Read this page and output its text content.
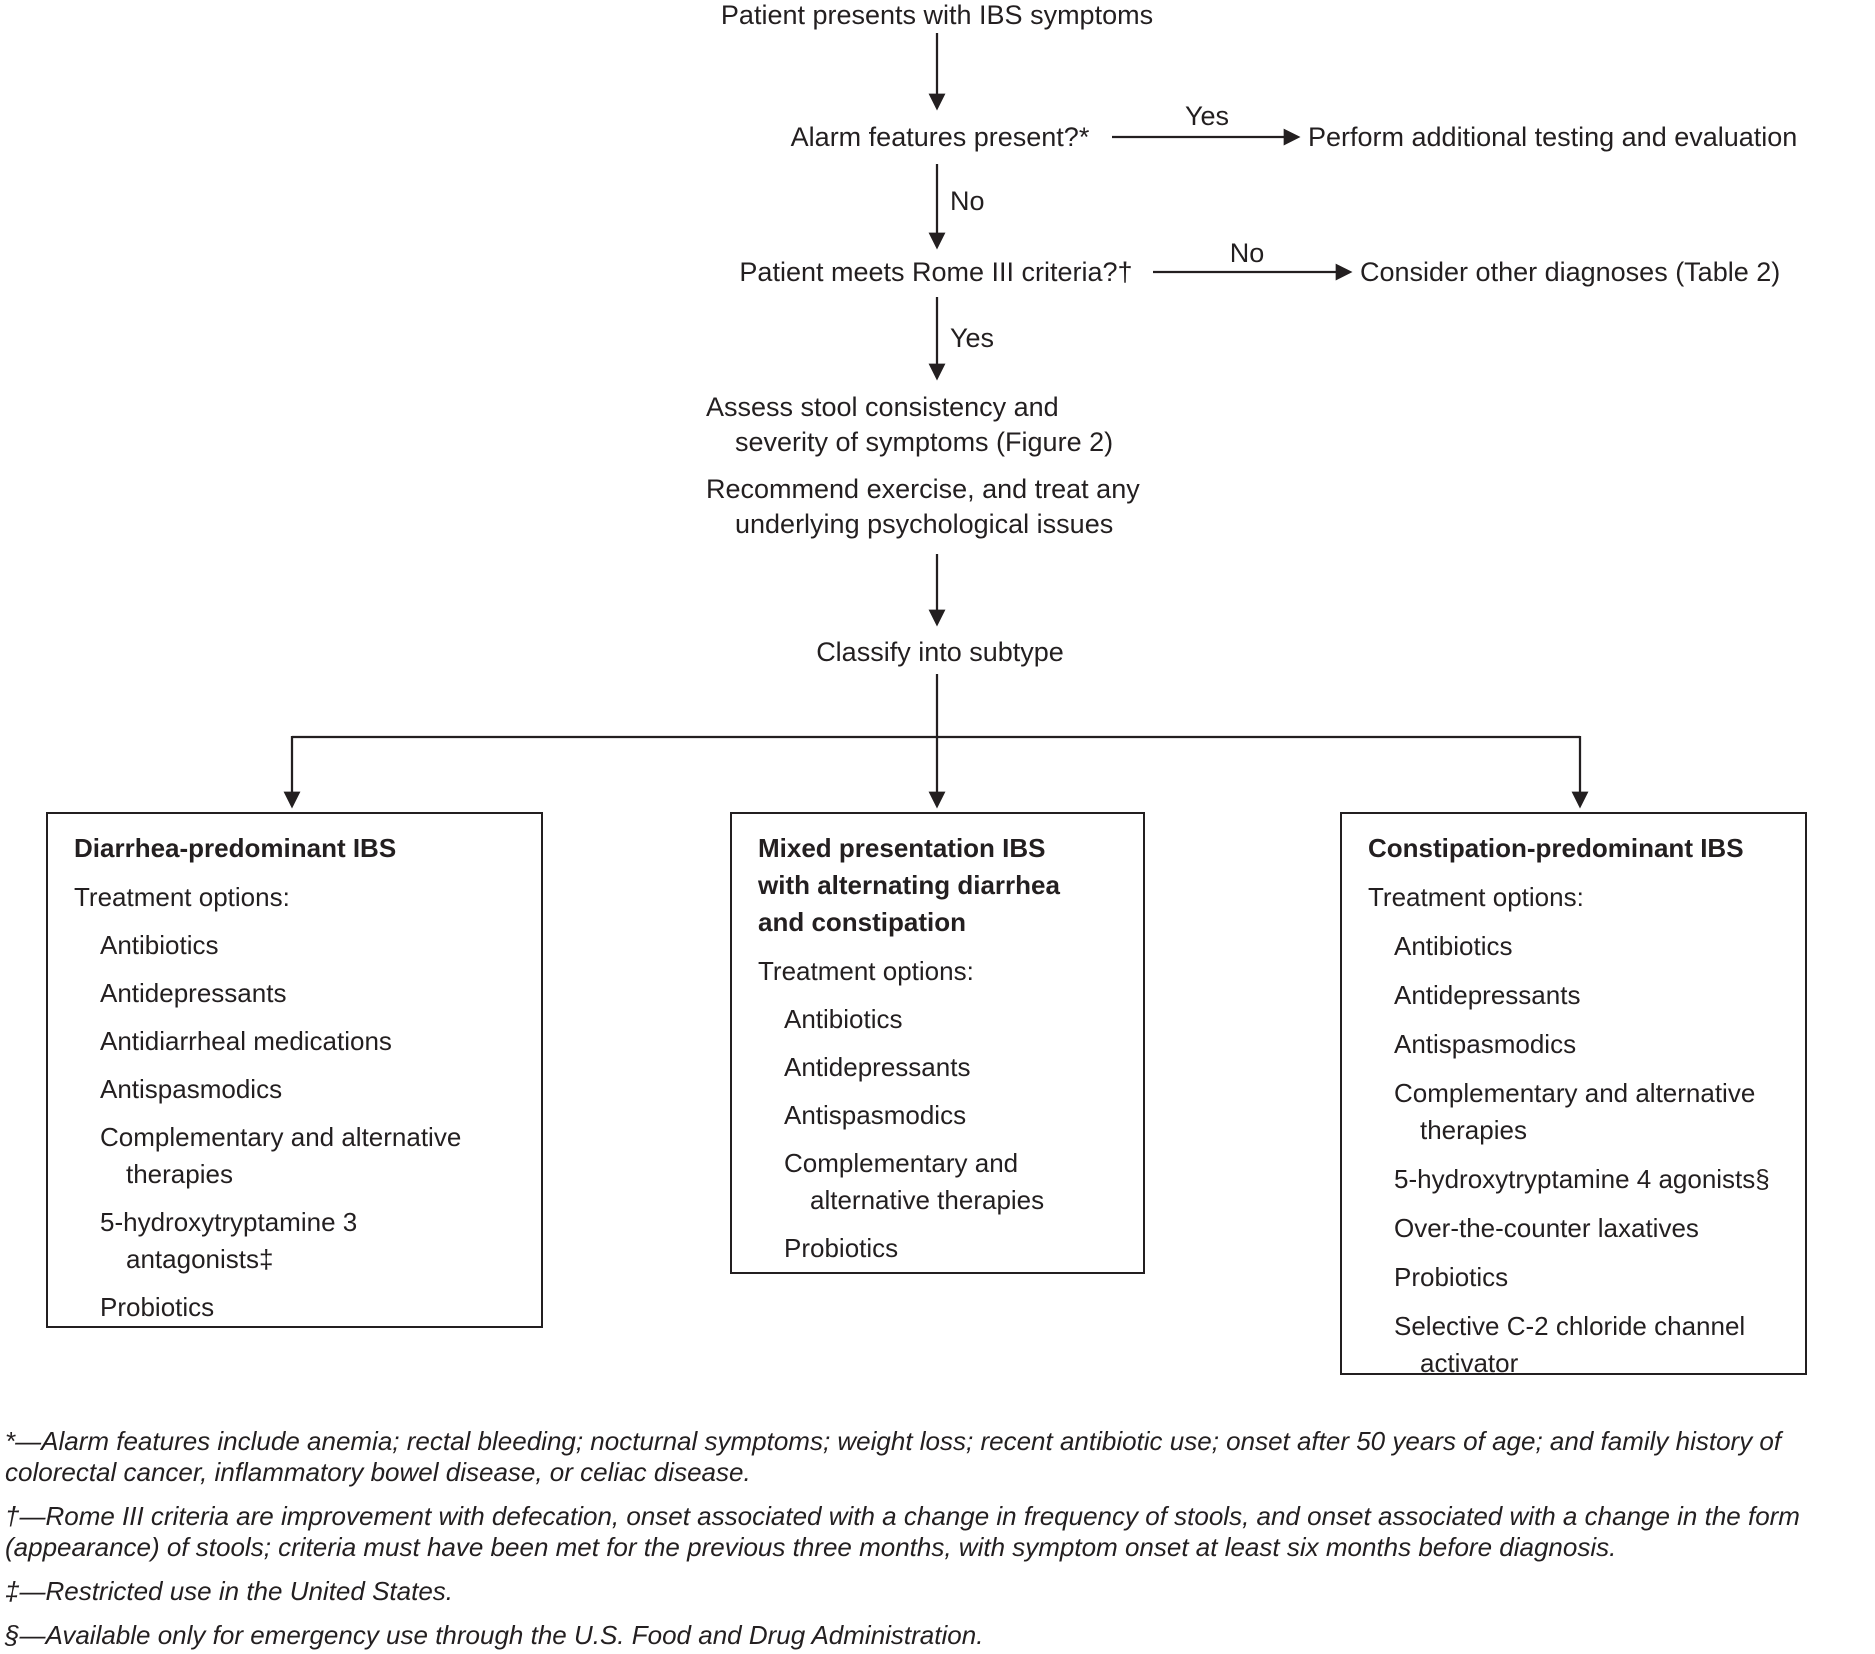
Patient presents with IBS symptoms
Alarm features present?*
Yes
Perform additional testing and evaluation
No
Patient meets Rome III criteria?†
No
Consider other diagnoses (Table 2)
Yes
Assess stool consistency and
severity of symptoms (Figure 2)
Recommend exercise, and treat any
underlying psychological issues
Classify into subtype
Diarrhea-predominant IBS
Treatment options:
Antibiotics
Antidepressants
Antidiarrheal medications
Antispasmodics
Complementary and alternative therapies
5-hydroxytryptamine 3 antagonists‡
Probiotics
Mixed presentation IBS with alternating diarrhea and constipation
Treatment options:
Antibiotics
Antidepressants
Antispasmodics
Complementary and alternative therapies
Probiotics
Constipation-predominant IBS
Treatment options:
Antibiotics
Antidepressants
Antispasmodics
Complementary and alternative therapies
5-hydroxytryptamine 4 agonists§
Over-the-counter laxatives
Probiotics
Selective C-2 chloride channel activator

*—Alarm features include anemia; rectal bleeding; nocturnal symptoms; weight loss; recent antibiotic use; onset after 50 years of age; and family history of colorectal cancer, inflammatory bowel disease, or celiac disease.

†—Rome III criteria are improvement with defecation, onset associated with a change in frequency of stools, and onset associated with a change in the form (appearance) of stools; criteria must have been met for the previous three months, with symptom onset at least six months before diagnosis.

‡—Restricted use in the United States.

§—Available only for emergency use through the U.S. Food and Drug Administration.
